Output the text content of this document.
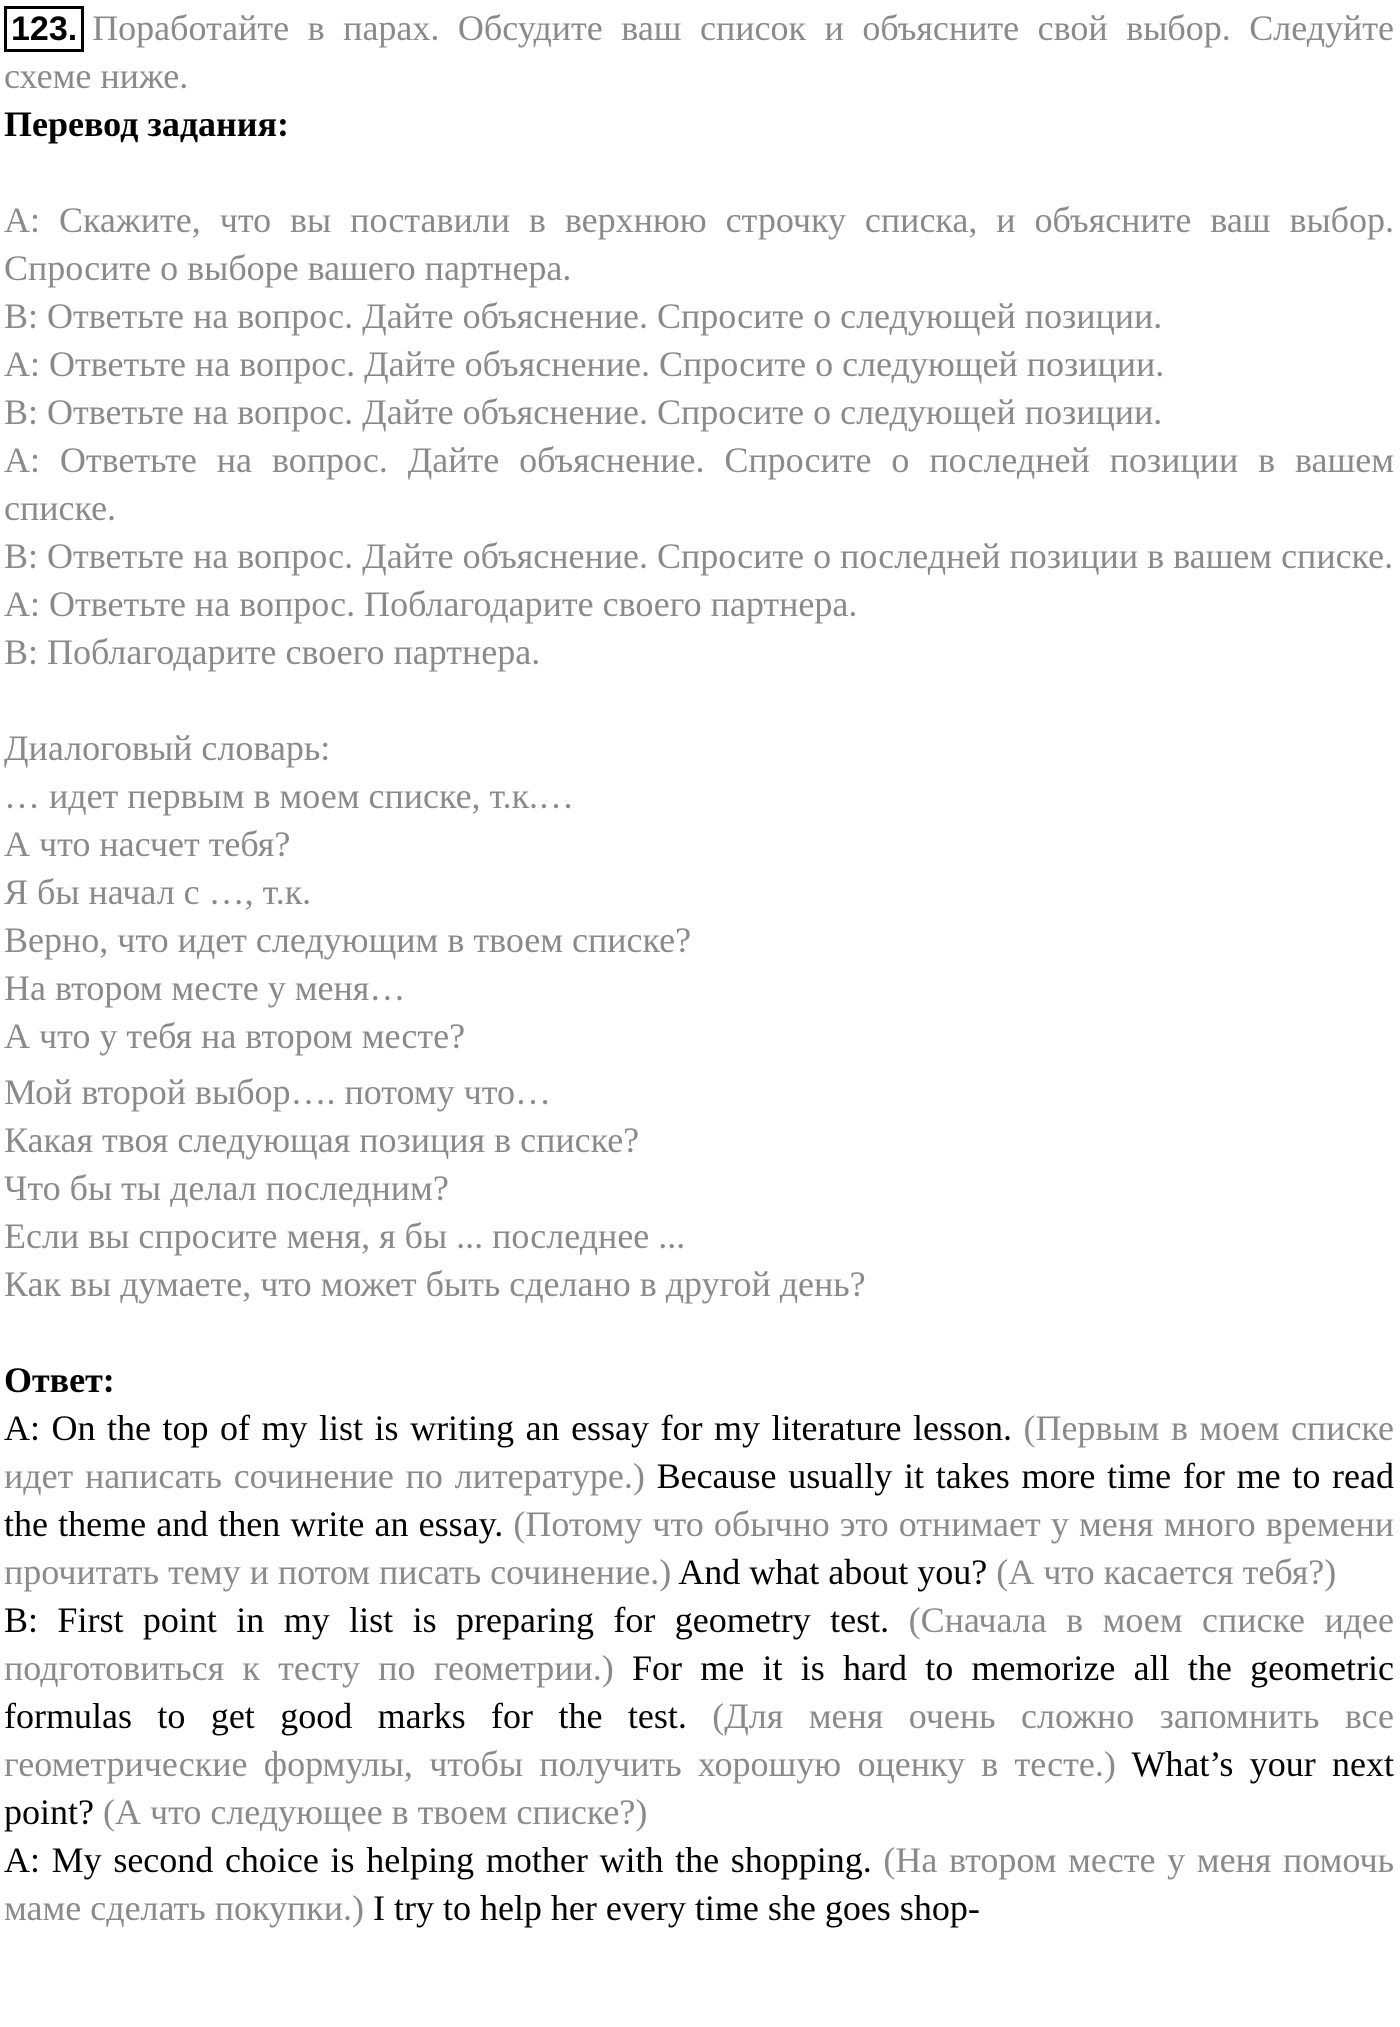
123. Поработайте в парах. Обсудите ваш список и объясните свой выбор. Следуйте схеме ниже.

Перевод задания:

A: Скажите, что вы поставили в верхнюю строчку списка, и объясните ваш выбор. Спросите о выборе вашего партнера.

B: Ответьте на вопрос. Дайте объяснение. Спросите о следующей позиции.

A: Ответьте на вопрос. Дайте объяснение. Спросите о следующей позиции.

B: Ответьте на вопрос. Дайте объяснение. Спросите о следующей позиции.

A: Ответьте на вопрос. Дайте объяснение. Спросите о последней позиции в вашем списке.

B: Ответьте на вопрос. Дайте объяснение. Спросите о последней позиции в вашем списке.

A: Ответьте на вопрос. Поблагодарите своего партнера.

B: Поблагодарите своего партнера.

Диалоговый словарь:

… идет первым в моем списке, т.к.…

А что насчет тебя?

Я бы начал с …, т.к.

Верно, что идет следующим в твоем списке?

На втором месте у меня…

А что у тебя на втором месте?

Мой второй выбор…. потому что…

Какая твоя следующая позиция в списке?

Что бы ты делал последним?

Если вы спросите меня, я бы ... последнее ...

Как вы думаете, что может быть сделано в другой день?

Ответ:

A: On the top of my list is writing an essay for my literature lesson. (Первым в моем списке идет написать сочинение по литературе.) Because usually it takes more time for me to read the theme and then write an essay. (Потому что обычно это отнимает у меня много времени прочитать тему и потом писать сочинение.) And what about you? (А что касается тебя?)

B: First point in my list is preparing for geometry test. (Сначала в моем списке идее подготовиться к тесту по геометрии.) For me it is hard to memorize all the geometric formulas to get good marks for the test. (Для меня очень сложно запомнить все геометрические формулы, чтобы получить хорошую оценку в тесте.) What’s your next point? (А что следующее в твоем списке?)

A: My second choice is helping mother with the shopping. (На втором месте у меня помочь маме сделать покупки.) I try to help her every time she goes shop-
